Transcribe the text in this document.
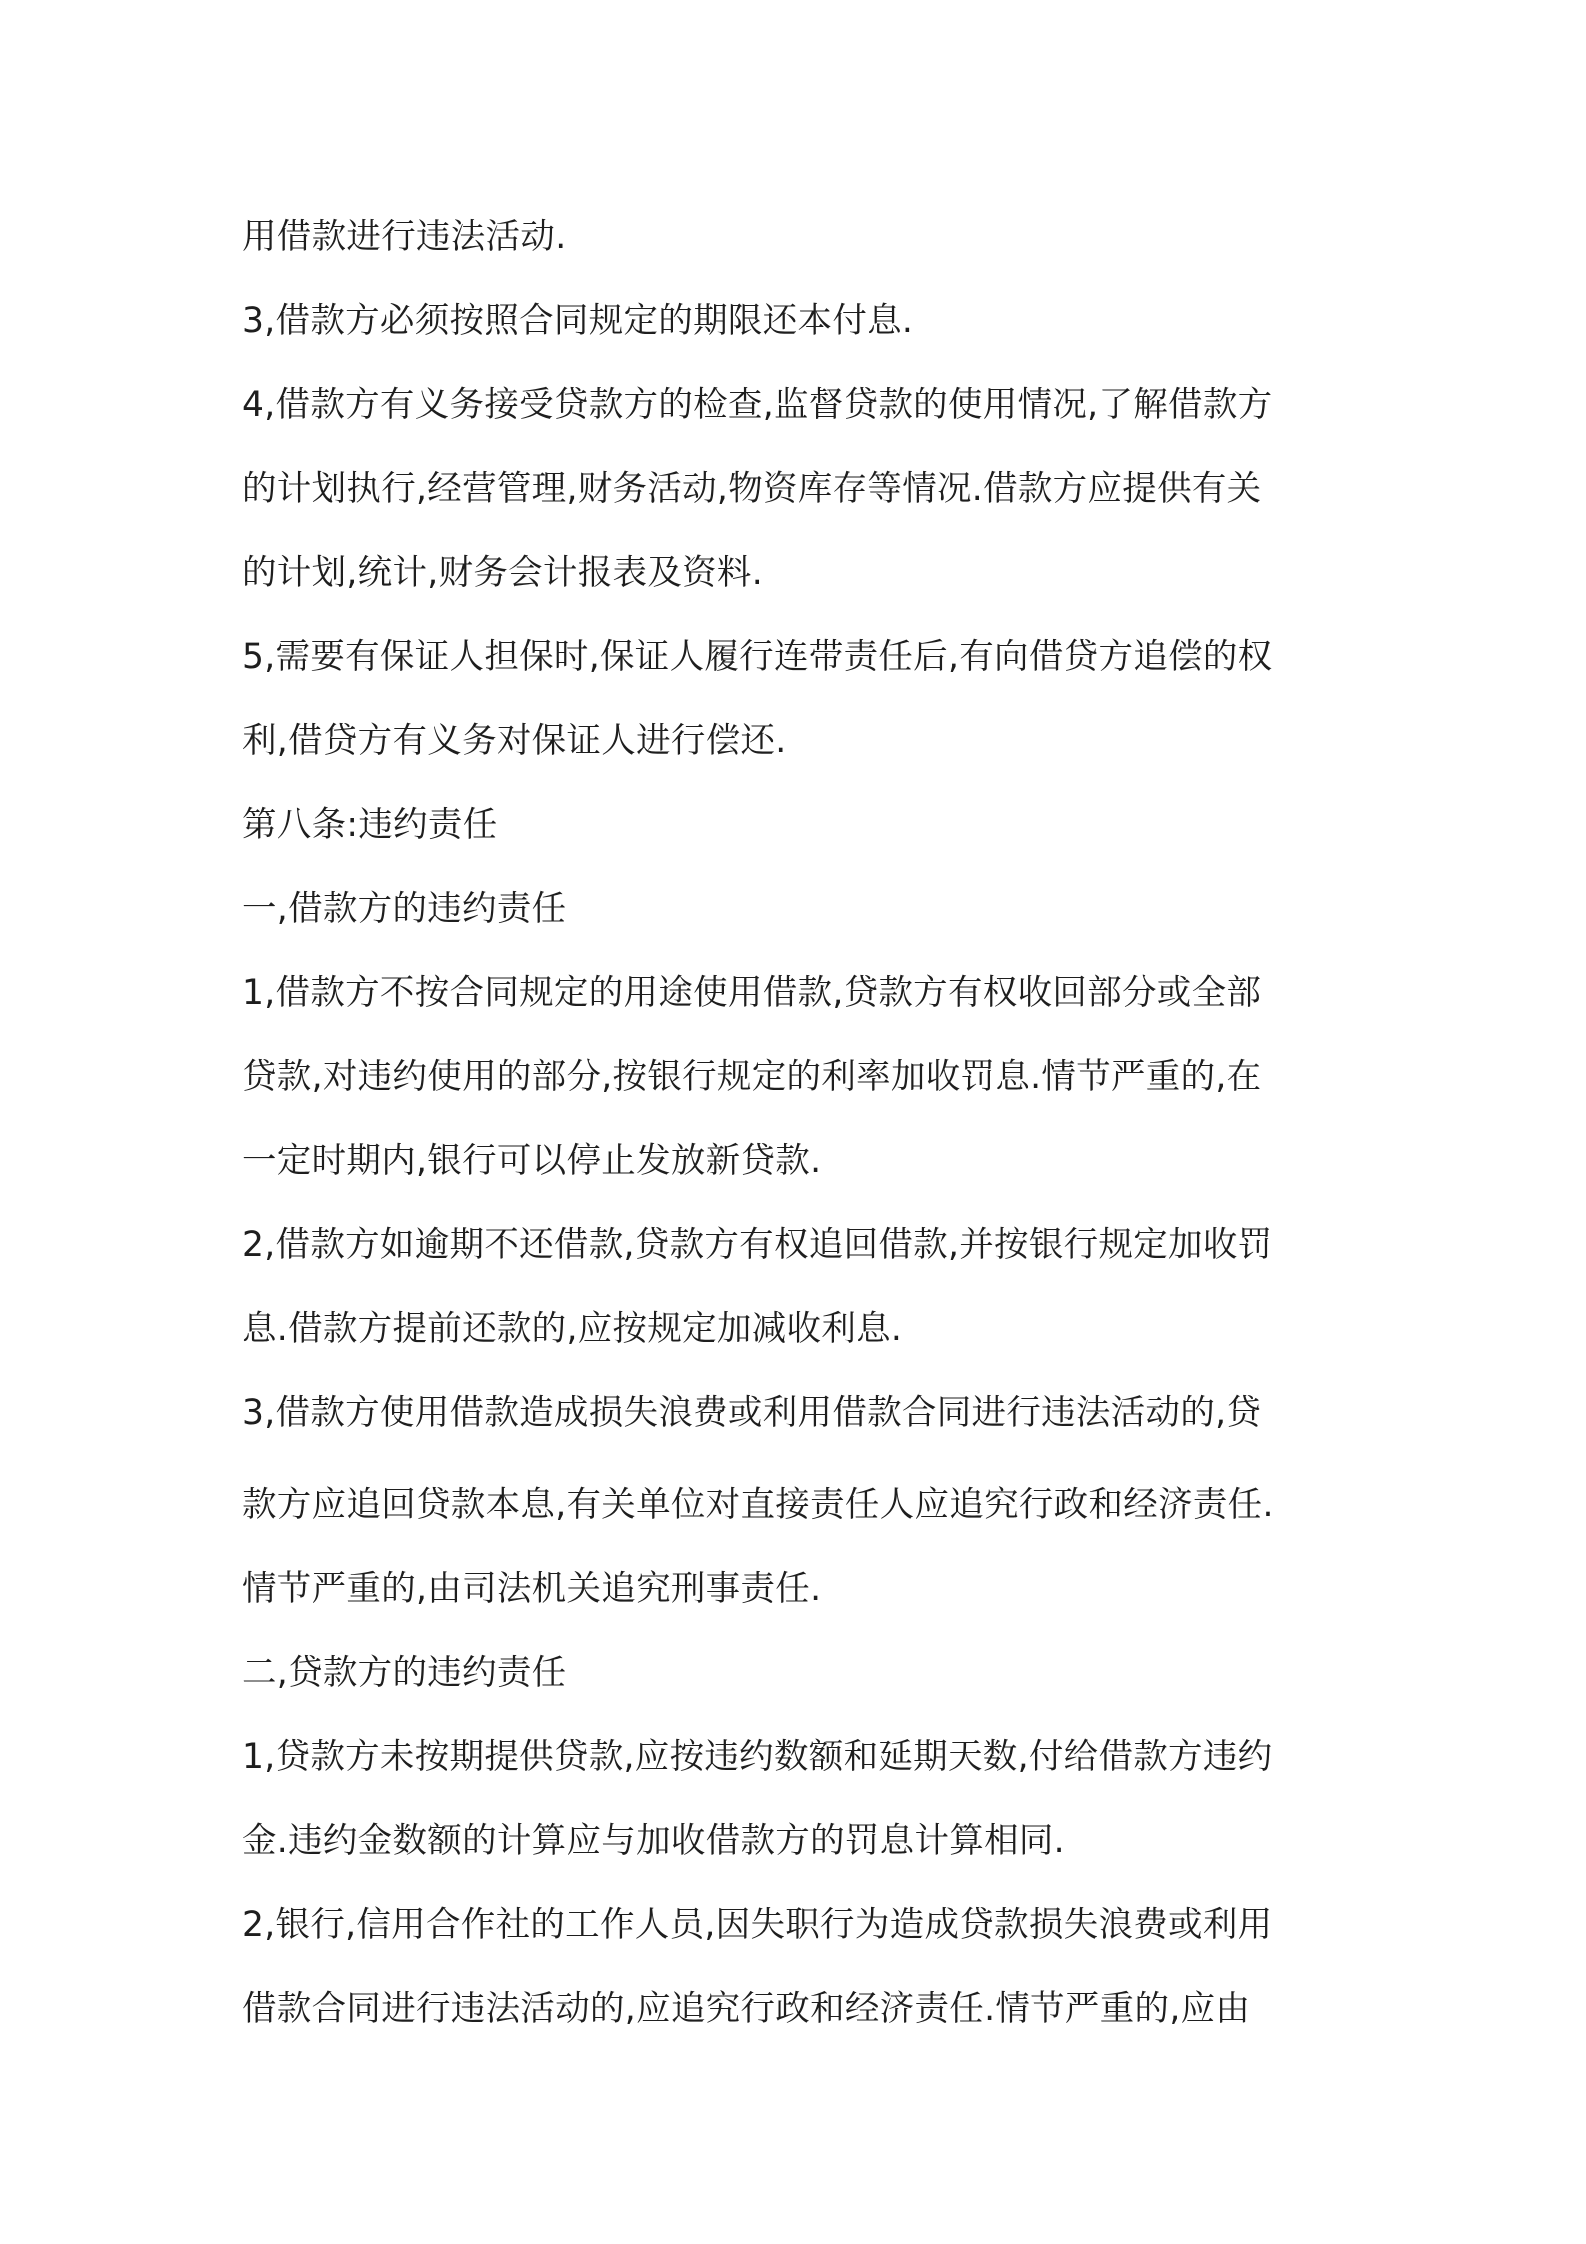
用借款进行违法活动.
3,借款方必须按照合同规定的期限还本付息.
4,借款方有义务接受贷款方的检查,监督贷款的使用情况,了解借款方
的计划执行,经营管理,财务活动,物资库存等情况.借款方应提供有关
的计划,统计,财务会计报表及资料.
5,需要有保证人担保时,保证人履行连带责任后,有向借贷方追偿的权
利,借贷方有义务对保证人进行偿还.
第八条:违约责任
一,借款方的违约责任
1,借款方不按合同规定的用途使用借款,贷款方有权收回部分或全部
贷款,对违约使用的部分,按银行规定的利率加收罚息.情节严重的,在
一定时期内,银行可以停止发放新贷款.
2,借款方如逾期不还借款,贷款方有权追回借款,并按银行规定加收罚
息.借款方提前还款的,应按规定加减收利息.
3,借款方使用借款造成损失浪费或利用借款合同进行违法活动的,贷
款方应追回贷款本息,有关单位对直接责任人应追究行政和经济责任.
情节严重的,由司法机关追究刑事责任.
二,贷款方的违约责任
1,贷款方未按期提供贷款,应按违约数额和延期天数,付给借款方违约
金.违约金数额的计算应与加收借款方的罚息计算相同.
2,银行,信用合作社的工作人员,因失职行为造成贷款损失浪费或利用
借款合同进行违法活动的,应追究行政和经济责任.情节严重的,应由
